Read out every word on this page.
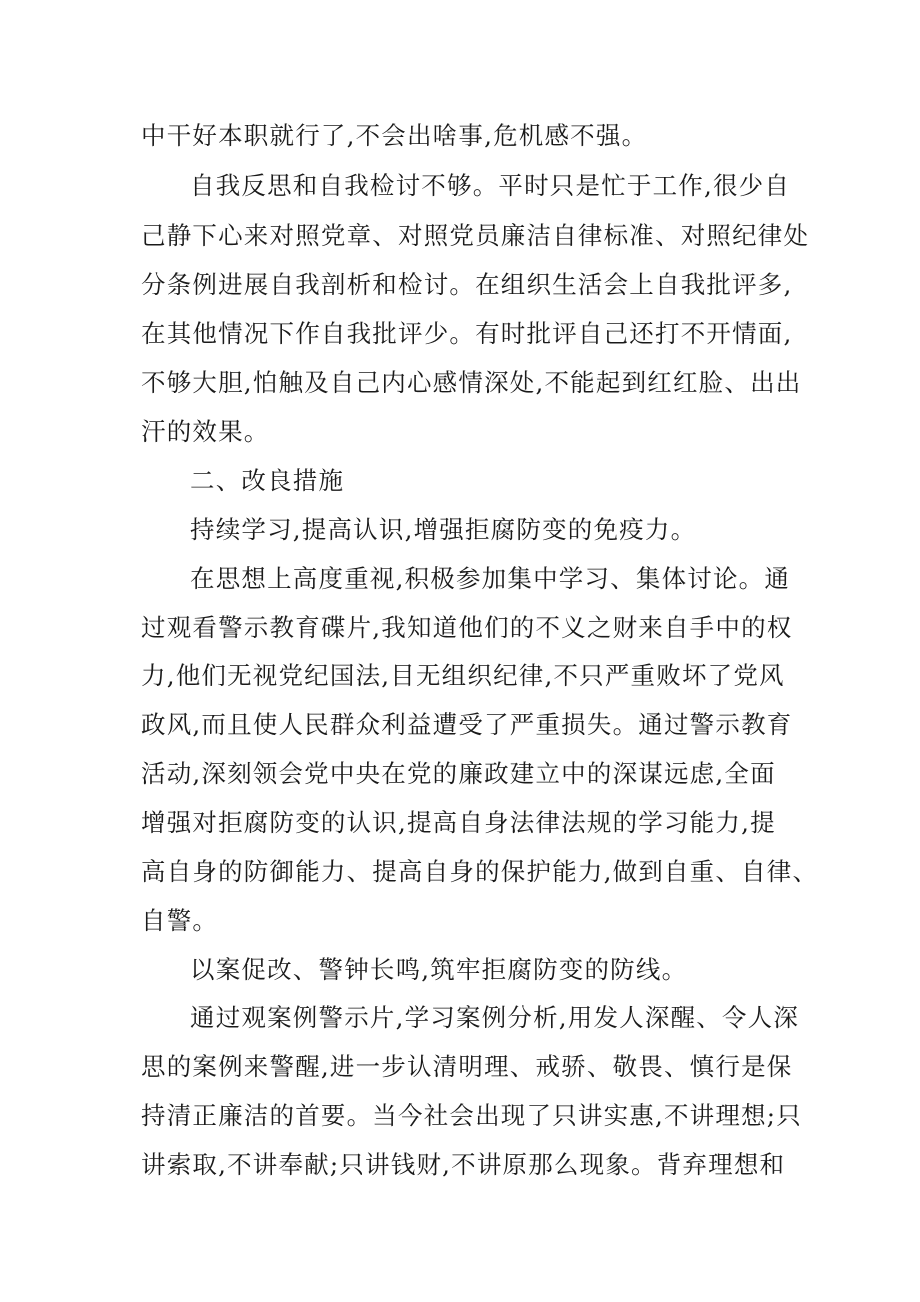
中干好本职就行了,不会出啥事,危机感不强。
自我反思和自我检讨不够。平时只是忙于工作,很少自
己静下心来对照党章、对照党员廉洁自律标准、对照纪律处
分条例进展自我剖析和检讨。在组织生活会上自我批评多,
在其他情况下作自我批评少。有时批评自己还打不开情面,
不够大胆,怕触及自己内心感情深处,不能起到红红脸、出出
汗的效果。
二、改良措施
持续学习,提高认识,增强拒腐防变的免疫力。
在思想上高度重视,积极参加集中学习、集体讨论。通
过观看警示教育碟片,我知道他们的不义之财来自手中的权
力,他们无视党纪国法,目无组织纪律,不只严重败坏了党风
政风,而且使人民群众利益遭受了严重损失。通过警示教育
活动,深刻领会党中央在党的廉政建立中的深谋远虑,全面
增强对拒腐防变的认识,提高自身法律法规的学习能力,提
高自身的防御能力、提高自身的保护能力,做到自重、自律、
自警。
以案促改、警钟长鸣,筑牢拒腐防变的防线。
通过观案例警示片,学习案例分析,用发人深醒、令人深
思的案例来警醒,进一步认清明理、戒骄、敬畏、慎行是保
持清正廉洁的首要。当今社会出现了只讲实惠,不讲理想;只
讲索取,不讲奉献;只讲钱财,不讲原那么现象。背弃理想和
